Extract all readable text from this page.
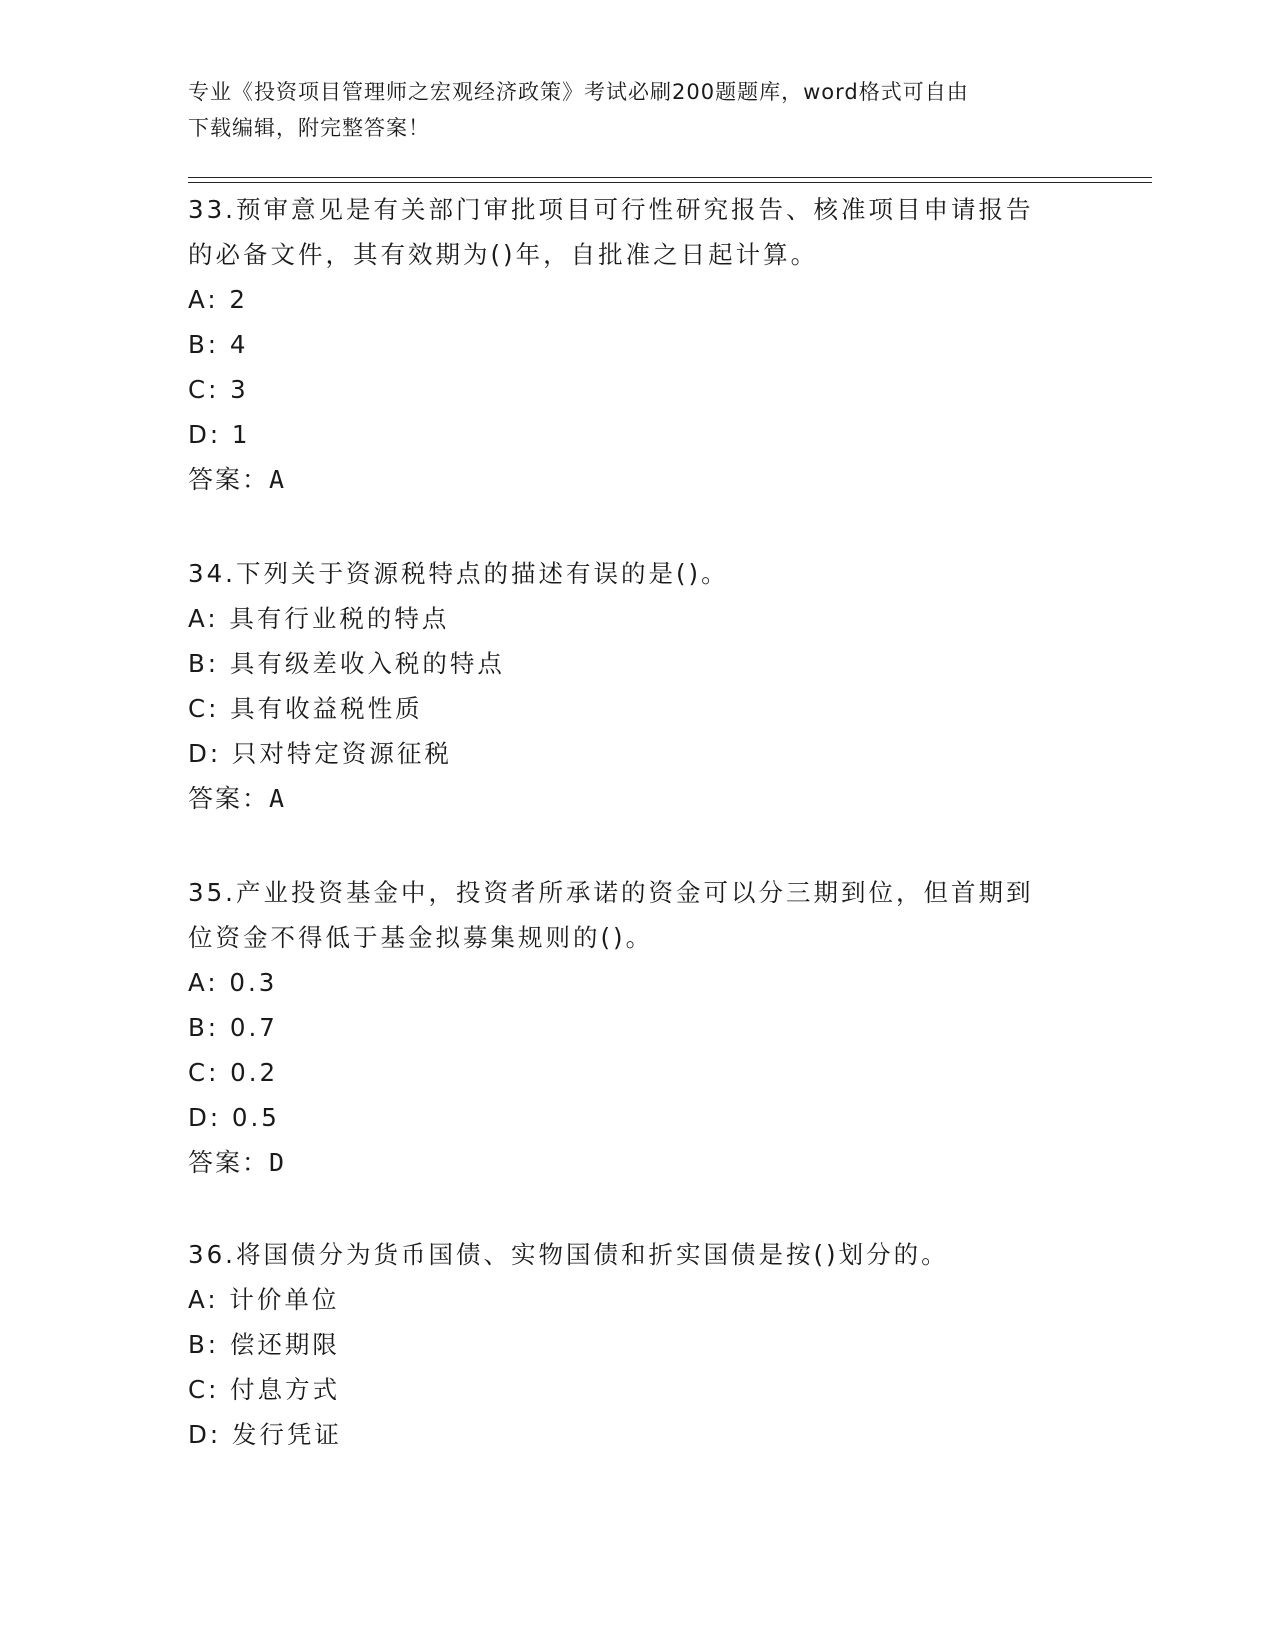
专业《投资项目管理师之宏观经济政策》考试必刷200题题库，word格式可自由
下载编辑，附完整答案！

33.预审意见是有关部门审批项目可行性研究报告、核准项目申请报告

的必备文件，其有效期为()年，自批准之日起计算。

A: 2

B: 4

C: 3

D: 1

答案：A

34.下列关于资源税特点的描述有误的是()。

A: 具有行业税的特点

B: 具有级差收入税的特点

C: 具有收益税性质

D: 只对特定资源征税

答案：A

35.产业投资基金中，投资者所承诺的资金可以分三期到位，但首期到

位资金不得低于基金拟募集规则的()。

A: 0.3

B: 0.7

C: 0.2

D: 0.5

答案：D

36.将国债分为货币国债、实物国债和折实国债是按()划分的。

A: 计价单位

B: 偿还期限

C: 付息方式

D: 发行凭证
